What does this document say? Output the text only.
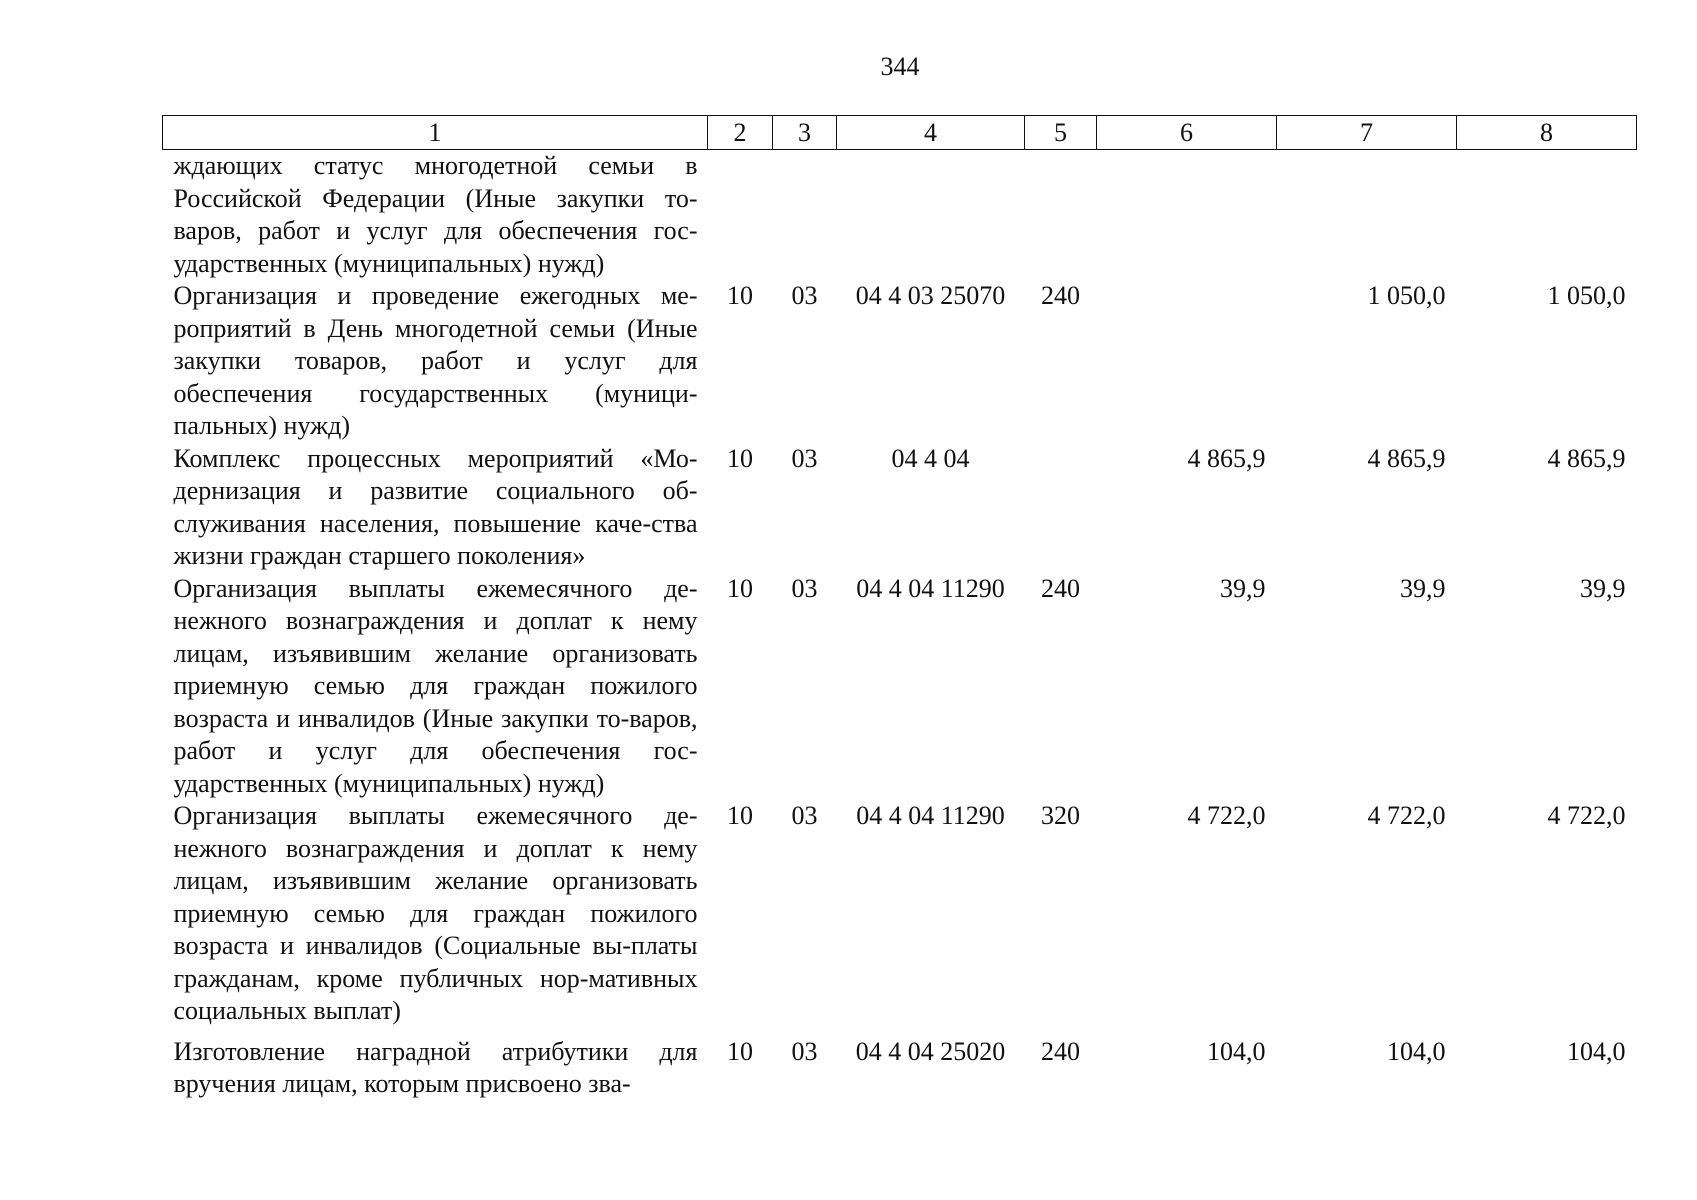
344
1	2	3	4	5	6	7	8
ждающих статус многодетной семьи в Российской Федерации (Иные закупки то-варов, работ и услуг для обеспечения гос-ударственных (муниципальных) нужд)							
Организация и проведение ежегодных ме-роприятий в День многодетной семьи (Иные закупки товаров, работ и услуг для обеспечения государственных (муници-пальных) нужд)	10	03	04 4 03 25070	240		1 050,0	1 050,0
Комплекс процессных мероприятий «Мо-дернизация и развитие социального об-служивания населения, повышение каче-ства жизни граждан старшего поколения»	10	03	04 4 04		4 865,9	4 865,9	4 865,9
Организация выплаты ежемесячного де-нежного вознаграждения и доплат к нему лицам, изъявившим желание организовать приемную семью для граждан пожилого возраста и инвалидов (Иные закупки то-варов, работ и услуг для обеспечения гос-ударственных (муниципальных) нужд)	10	03	04 4 04 11290	240	39,9	39,9	39,9
Организация выплаты ежемесячного де-нежного вознаграждения и доплат к нему лицам, изъявившим желание организовать приемную семью для граждан пожилого возраста и инвалидов (Социальные вы-платы гражданам, кроме публичных нор-мативных социальных выплат)	10	03	04 4 04 11290	320	4 722,0	4 722,0	4 722,0
Изготовление наградной атрибутики для вручения лицам, которым присвоено зва-	10	03	04 4 04 25020	240	104,0	104,0	104,0
